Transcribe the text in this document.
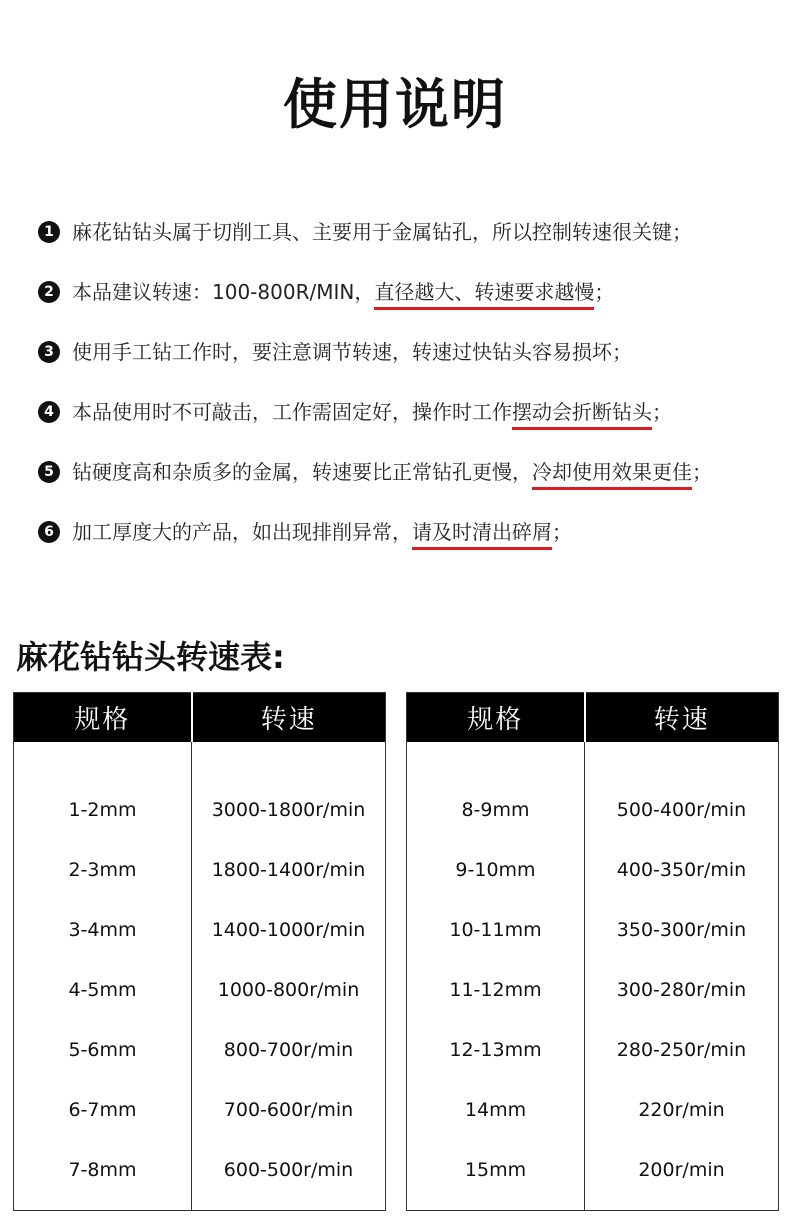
使用说明
1 麻花钻钻头属于切削工具、主要用于金属钻孔，所以控制转速很关键；
2 本品建议转速：100-800R/MIN，直径越大、转速要求越慢；
3 使用手工钻工作时，要注意调节转速，转速过快钻头容易损坏；
4 本品使用时不可敲击，工作需固定好，操作时工作摆动会折断钻头；
5 钻硬度高和杂质多的金属，转速要比正常钻孔更慢，冷却使用效果更佳；
6 加工厚度大的产品，如出现排削异常，请及时清出碎屑；
麻花钻钻头转速表:
规格	转速

1-2mm	3000-1800r/min
2-3mm	1800-1400r/min
3-4mm	1400-1000r/min
4-5mm	1000-800r/min
5-6mm	800-700r/min
6-7mm	700-600r/min
7-8mm	600-500r/min

规格	转速

8-9mm	500-400r/min
9-10mm	400-350r/min
10-11mm	350-300r/min
11-12mm	300-280r/min
12-13mm	280-250r/min
14mm	220r/min
15mm	200r/min
